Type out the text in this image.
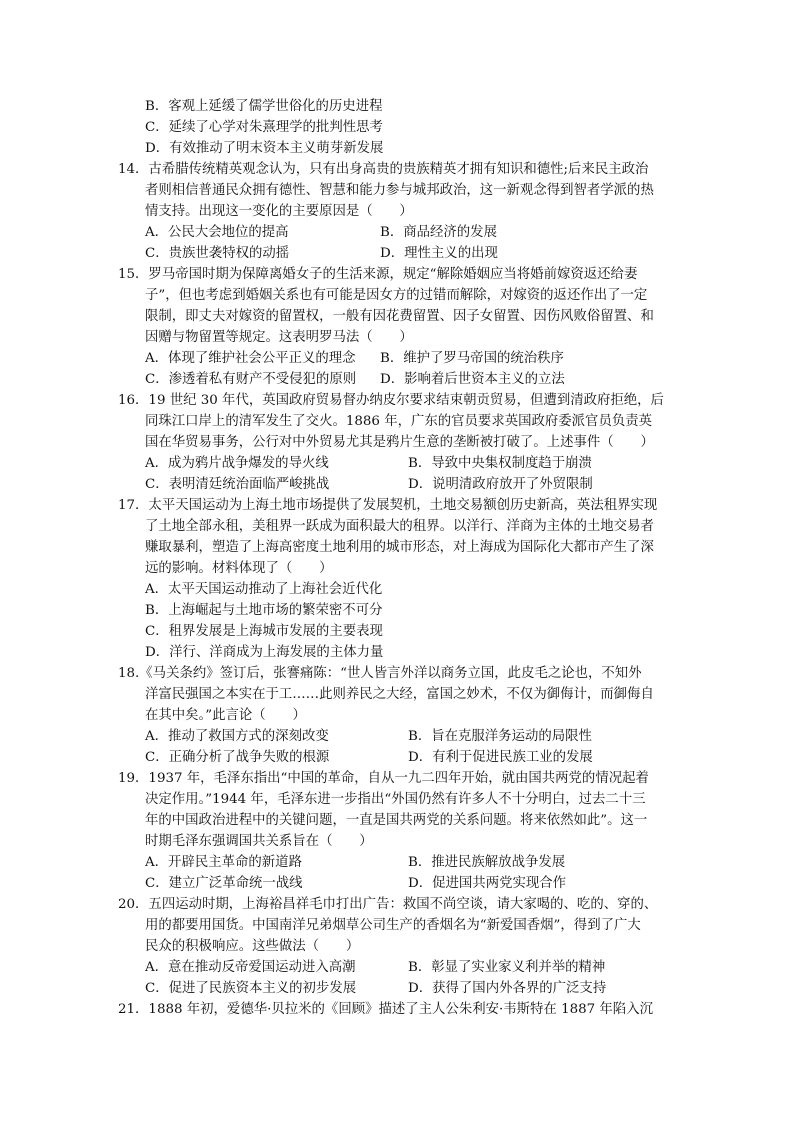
B．客观上延缓了儒学世俗化的历史进程
C．延续了心学对朱熹理学的批判性思考
D．有效推动了明末资本主义萌芽新发展
14．古希腊传统精英观念认为，只有出身高贵的贵族精英才拥有知识和德性;后来民主政治
者则相信普通民众拥有德性、智慧和能力参与城邦政治，这一新观念得到智者学派的热
情支持。出现这一变化的主要原因是（　　）
A．公民大会地位的提高	B．商品经济的发展
C．贵族世袭特权的动摇	D．理性主义的出现
15．罗马帝国时期为保障离婚女子的生活来源，规定“解除婚姻应当将婚前嫁资返还给妻
子”，但也考虑到婚姻关系也有可能是因女方的过错而解除，对嫁资的返还作出了一定
限制，即丈夫对嫁资的留置权，一般有因花费留置、因子女留置、因伤风败俗留置、和
因赠与物留置等规定。这表明罗马法（　　）
A．体现了维护社会公平正义的理念 B．维护了罗马帝国的统治秩序
C．渗透着私有财产不受侵犯的原则 D．影响着后世资本主义的立法
16．19 世纪 30 年代，英国政府贸易督办纳皮尔要求结束朝贡贸易，但遭到清政府拒绝，后
同珠江口岸上的清军发生了交火。1886 年，广东的官员要求英国政府委派官员负责英
国在华贸易事务，公行对中外贸易尤其是鸦片生意的垄断被打破了。上述事件（　　）
A．成为鸦片战争爆发的导火线	B．导致中央集权制度趋于崩溃
C．表明清廷统治面临严峻挑战	D．说明清政府放开了外贸限制
17．太平天国运动为上海土地市场提供了发展契机，土地交易额创历史新高，英法租界实现
了土地全部永租，美租界一跃成为面积最大的租界。以洋行、洋商为主体的土地交易者
赚取暴利，塑造了上海高密度土地利用的城市形态，对上海成为国际化大都市产生了深
远的影响。材料体现了（　　）
A．太平天国运动推动了上海社会近代化
B．上海崛起与土地市场的繁荣密不可分
C．租界发展是上海城市发展的主要表现
D．洋行、洋商成为上海发展的主体力量
18.《马关条约》签订后，张謇痛陈：“世人皆言外洋以商务立国，此皮毛之论也，不知外
洋富民强国之本实在于工……此则养民之大经，富国之妙术，不仅为御侮计，而御侮自
在其中矣。”此言论（　　）
A．推动了救国方式的深刻改变	B．旨在克服洋务运动的局限性
C．正确分析了战争失败的根源	D．有利于促进民族工业的发展
19．1937 年，毛泽东指出“中国的革命，自从一九二四年开始，就由国共两党的情况起着
决定作用。”1944 年，毛泽东进一步指出“外国仍然有许多人不十分明白，过去二十三
年的中国政治进程中的关键问题，一直是国共两党的关系问题。将来依然如此”。这一
时期毛泽东强调国共关系旨在（　　）
A．开辟民主革命的新道路	B．推进民族解放战争发展
C．建立广泛革命统一战线	D．促进国共两党实现合作
20．五四运动时期，上海裕昌祥毛巾打出广告：救国不尚空谈，请大家喝的、吃的、穿的、
用的都要用国货。中国南洋兄弟烟草公司生产的香烟名为“新爱国香烟”，得到了广大
民众的积极响应。这些做法（　　）
A．意在推动反帝爱国运动进入高潮	B．彰显了实业家义利并举的精神
C．促进了民族资本主义的初步发展	D．获得了国内外各界的广泛支持
21．1888 年初，爱德华·贝拉米的《回顾》描述了主人公朱利安·韦斯特在 1887 年陷入沉
